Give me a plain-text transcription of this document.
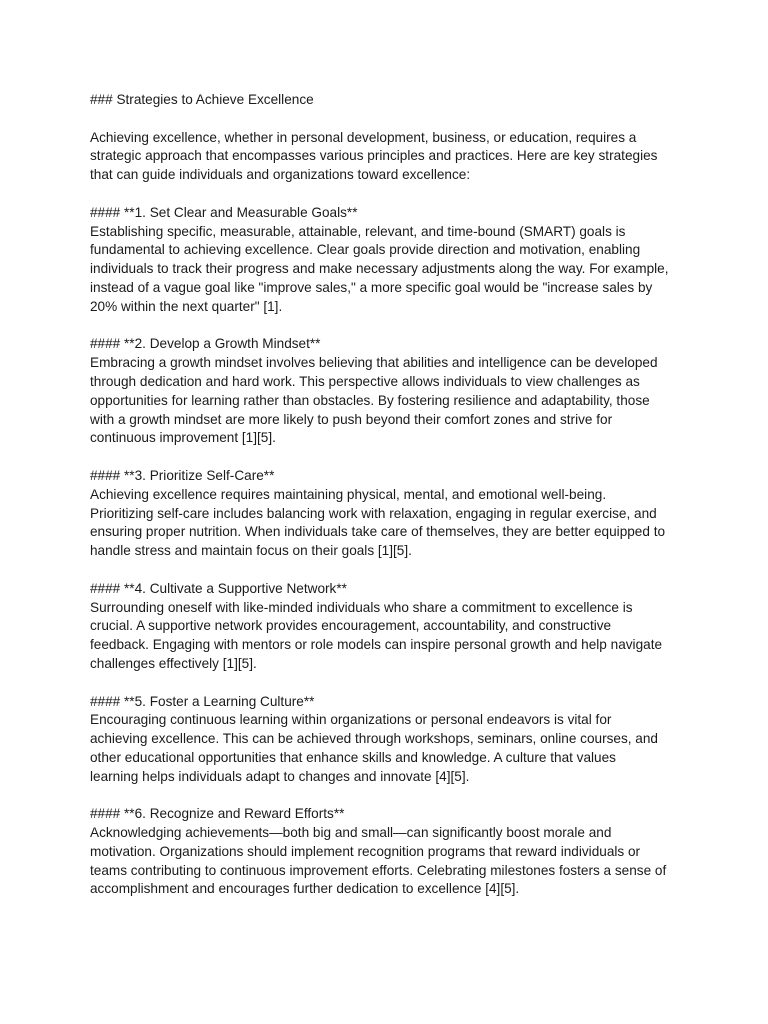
### Strategies to Achieve Excellence
Achieving excellence, whether in personal development, business, or education, requires a
strategic approach that encompasses various principles and practices. Here are key strategies
that can guide individuals and organizations toward excellence:
#### **1. Set Clear and Measurable Goals**
Establishing specific, measurable, attainable, relevant, and time-bound (SMART) goals is
fundamental to achieving excellence. Clear goals provide direction and motivation, enabling
individuals to track their progress and make necessary adjustments along the way. For example,
instead of a vague goal like "improve sales," a more specific goal would be "increase sales by
20% within the next quarter" [1].
#### **2. Develop a Growth Mindset**
Embracing a growth mindset involves believing that abilities and intelligence can be developed
through dedication and hard work. This perspective allows individuals to view challenges as
opportunities for learning rather than obstacles. By fostering resilience and adaptability, those
with a growth mindset are more likely to push beyond their comfort zones and strive for
continuous improvement [1][5].
#### **3. Prioritize Self-Care**
Achieving excellence requires maintaining physical, mental, and emotional well-being.
Prioritizing self-care includes balancing work with relaxation, engaging in regular exercise, and
ensuring proper nutrition. When individuals take care of themselves, they are better equipped to
handle stress and maintain focus on their goals [1][5].
#### **4. Cultivate a Supportive Network**
Surrounding oneself with like-minded individuals who share a commitment to excellence is
crucial. A supportive network provides encouragement, accountability, and constructive
feedback. Engaging with mentors or role models can inspire personal growth and help navigate
challenges effectively [1][5].
#### **5. Foster a Learning Culture**
Encouraging continuous learning within organizations or personal endeavors is vital for
achieving excellence. This can be achieved through workshops, seminars, online courses, and
other educational opportunities that enhance skills and knowledge. A culture that values
learning helps individuals adapt to changes and innovate [4][5].
#### **6. Recognize and Reward Efforts**
Acknowledging achievements—both big and small—can significantly boost morale and
motivation. Organizations should implement recognition programs that reward individuals or
teams contributing to continuous improvement efforts. Celebrating milestones fosters a sense of
accomplishment and encourages further dedication to excellence [4][5].
